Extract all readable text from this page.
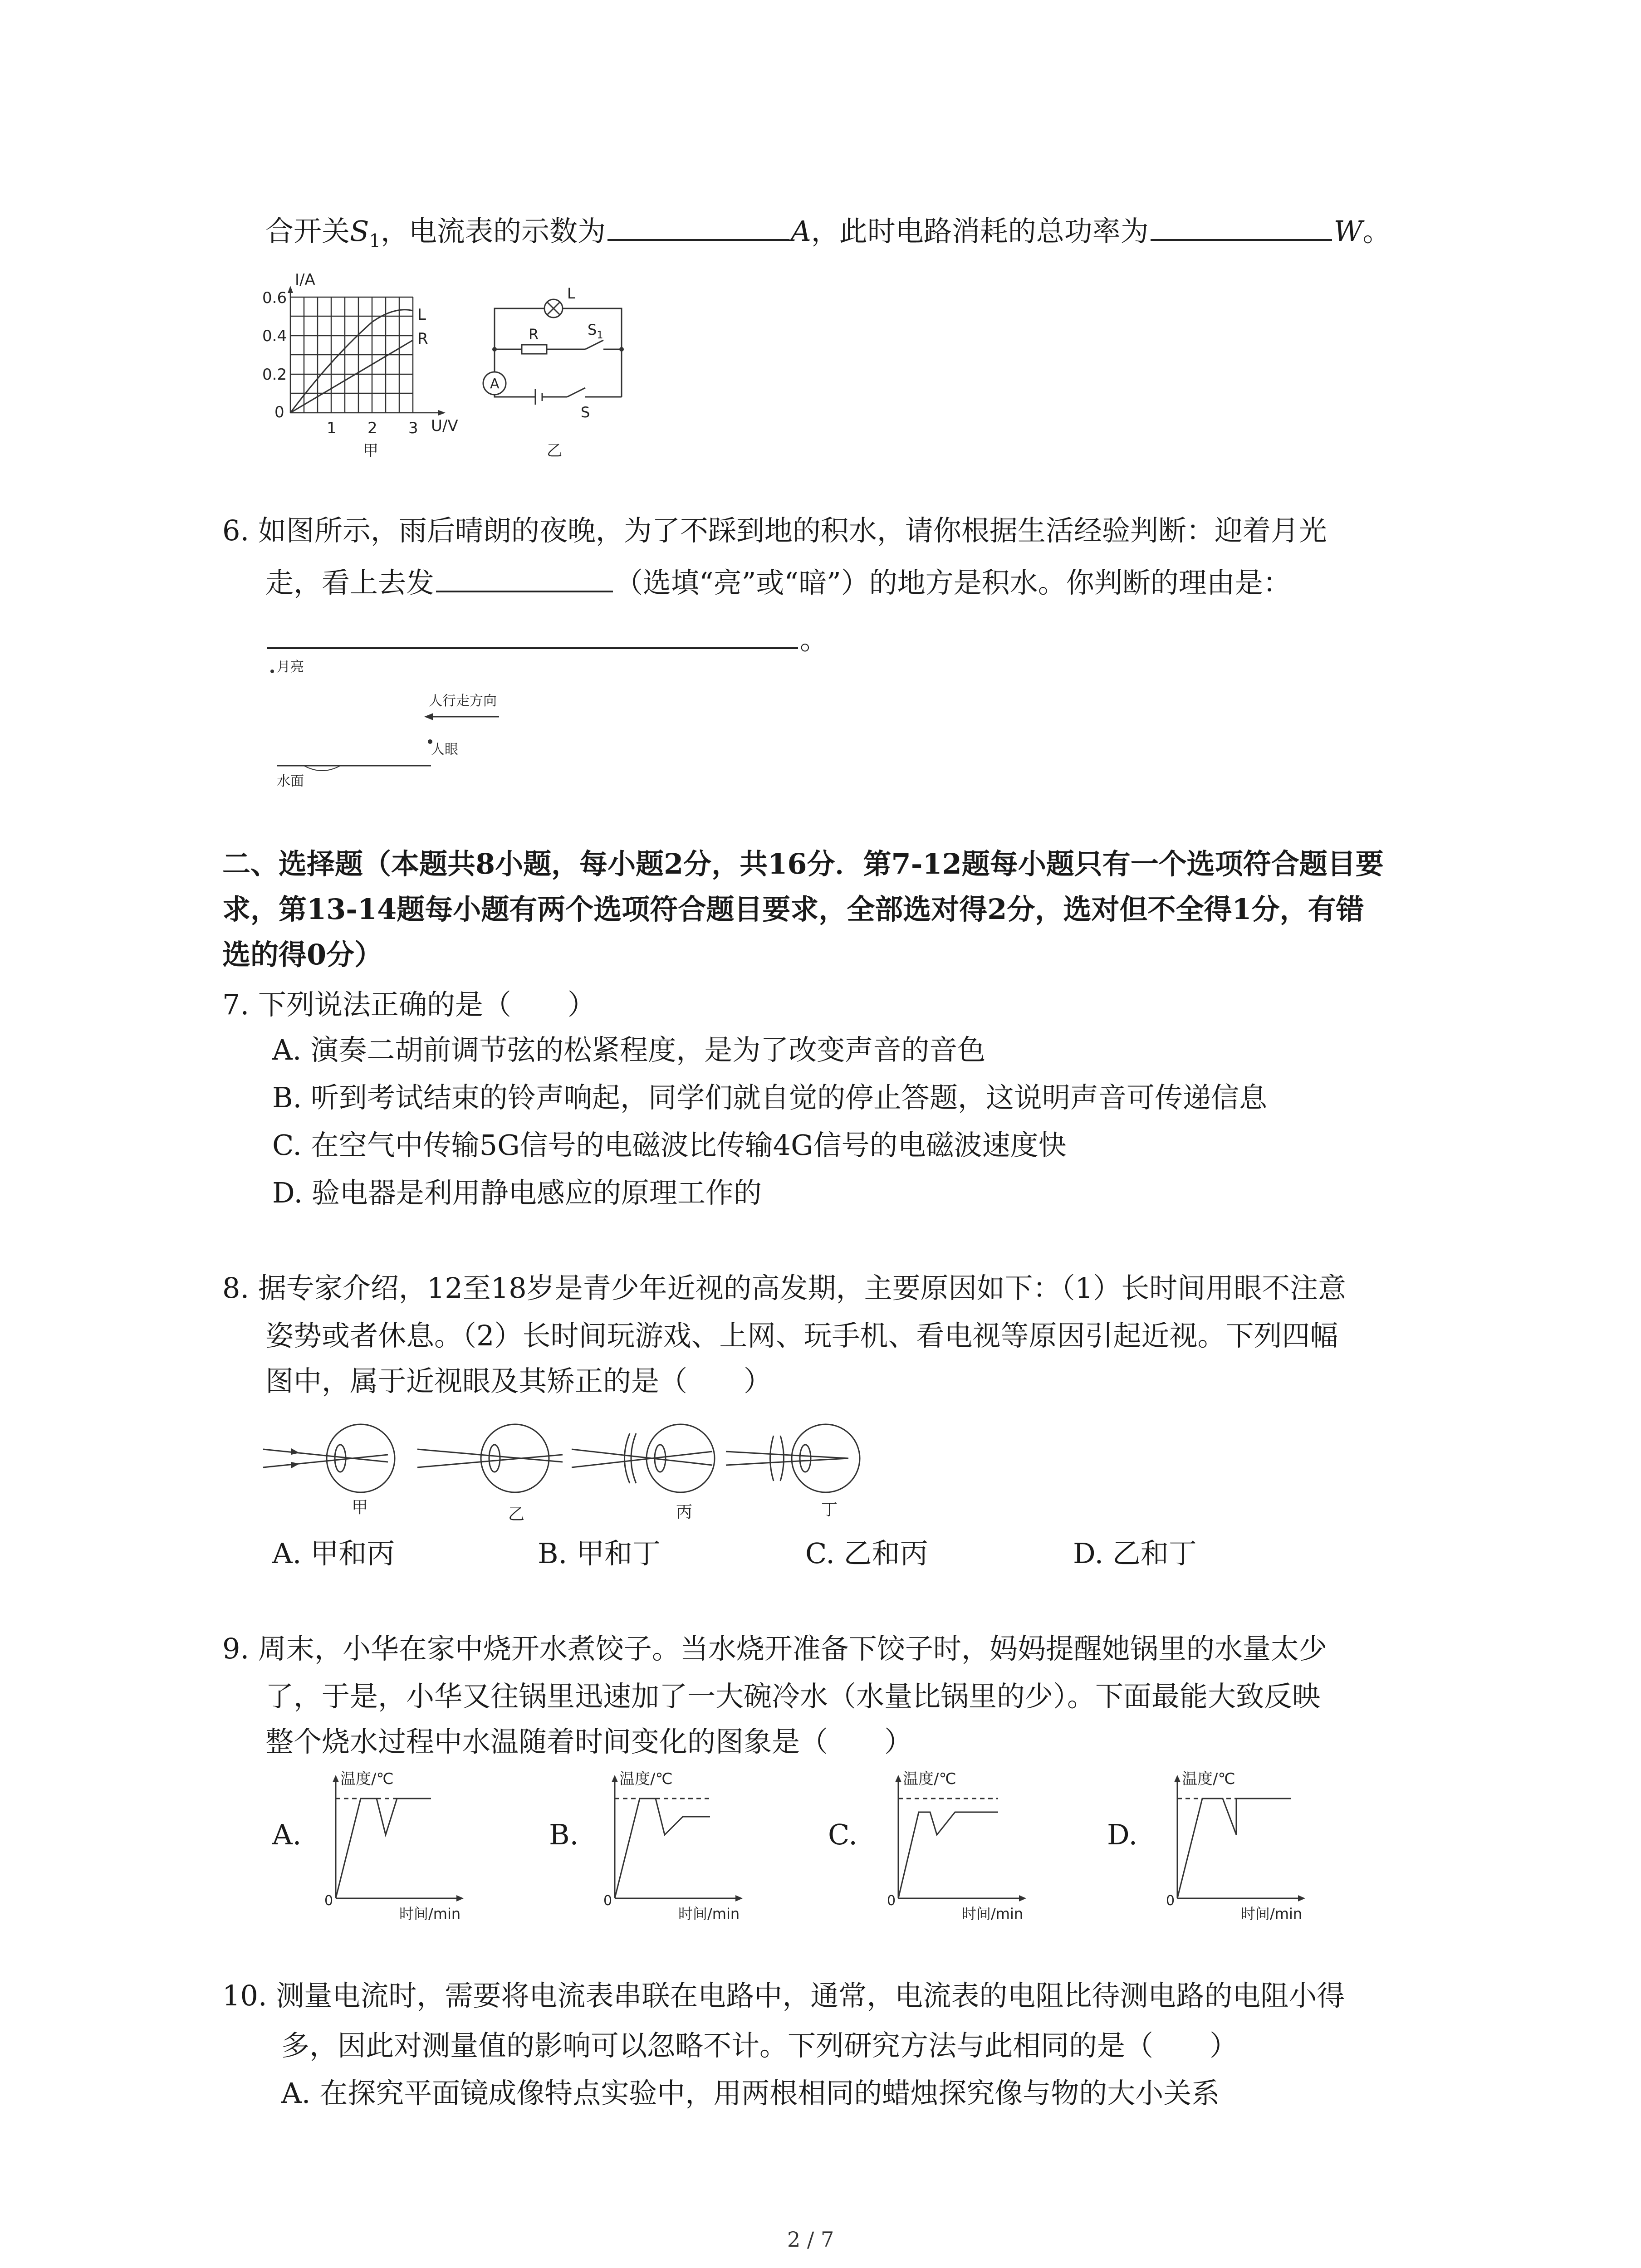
合开关$S_1$，电流表的示数为	A，此时电路消耗的总功率为	W。
I/A
0.6
0.4
0.2
0
1 2 3 U/V
L
R
甲
L
R	$S_1$
A
S
乙
6. 如图所示，雨后晴朗的夜晚，为了不踩到地的积水，请你根据生活经验判断：迎着月光
走，看上去发	（选填“亮”或“暗”）的地方是积水。你判断的理由是：
。
月亮
人行走方向
人眼
水面
二、选择题（本题共8小题，每小题2分，共16分．第7-12题每小题只有一个选项符合题目要
求，第13-14题每小题有两个选项符合题目要求，全部选对得2分，选对但不全得1分，有错
选的得0分）
7. 下列说法正确的是（　　）
A. 演奏二胡前调节弦的松紧程度，是为了改变声音的音色
B. 听到考试结束的铃声响起，同学们就自觉的停止答题，这说明声音可传递信息
C. 在空气中传输5G信号的电磁波比传输4G信号的电磁波速度快
D. 验电器是利用静电感应的原理工作的
8. 据专家介绍，12至18岁是青少年近视的高发期，主要原因如下：（1）长时间用眼不注意
姿势或者休息。（2）长时间玩游戏、上网、玩手机、看电视等原因引起近视。下列四幅
图中，属于近视眼及其矫正的是（　　）
甲	乙	丙	丁
A. 甲和丙	B. 甲和丁	C. 乙和丙	D. 乙和丁
9. 周末，小华在家中烧开水煮饺子。当水烧开准备下饺子时，妈妈提醒她锅里的水量太少
了，于是，小华又往锅里迅速加了一大碗冷水（水量比锅里的少）。下面最能大致反映
整个烧水过程中水温随着时间变化的图象是（　　）
A.
温度/℃
0
时间/min
B.
温度/℃
0
时间/min
C.
温度/℃
0
时间/min
D.
温度/℃
0
时间/min
10. 测量电流时，需要将电流表串联在电路中，通常，电流表的电阻比待测电路的电阻小得
多，因此对测量值的影响可以忽略不计。下列研究方法与此相同的是（　　）
A. 在探究平面镜成像特点实验中，用两根相同的蜡烛探究像与物的大小关系
2 / 7
